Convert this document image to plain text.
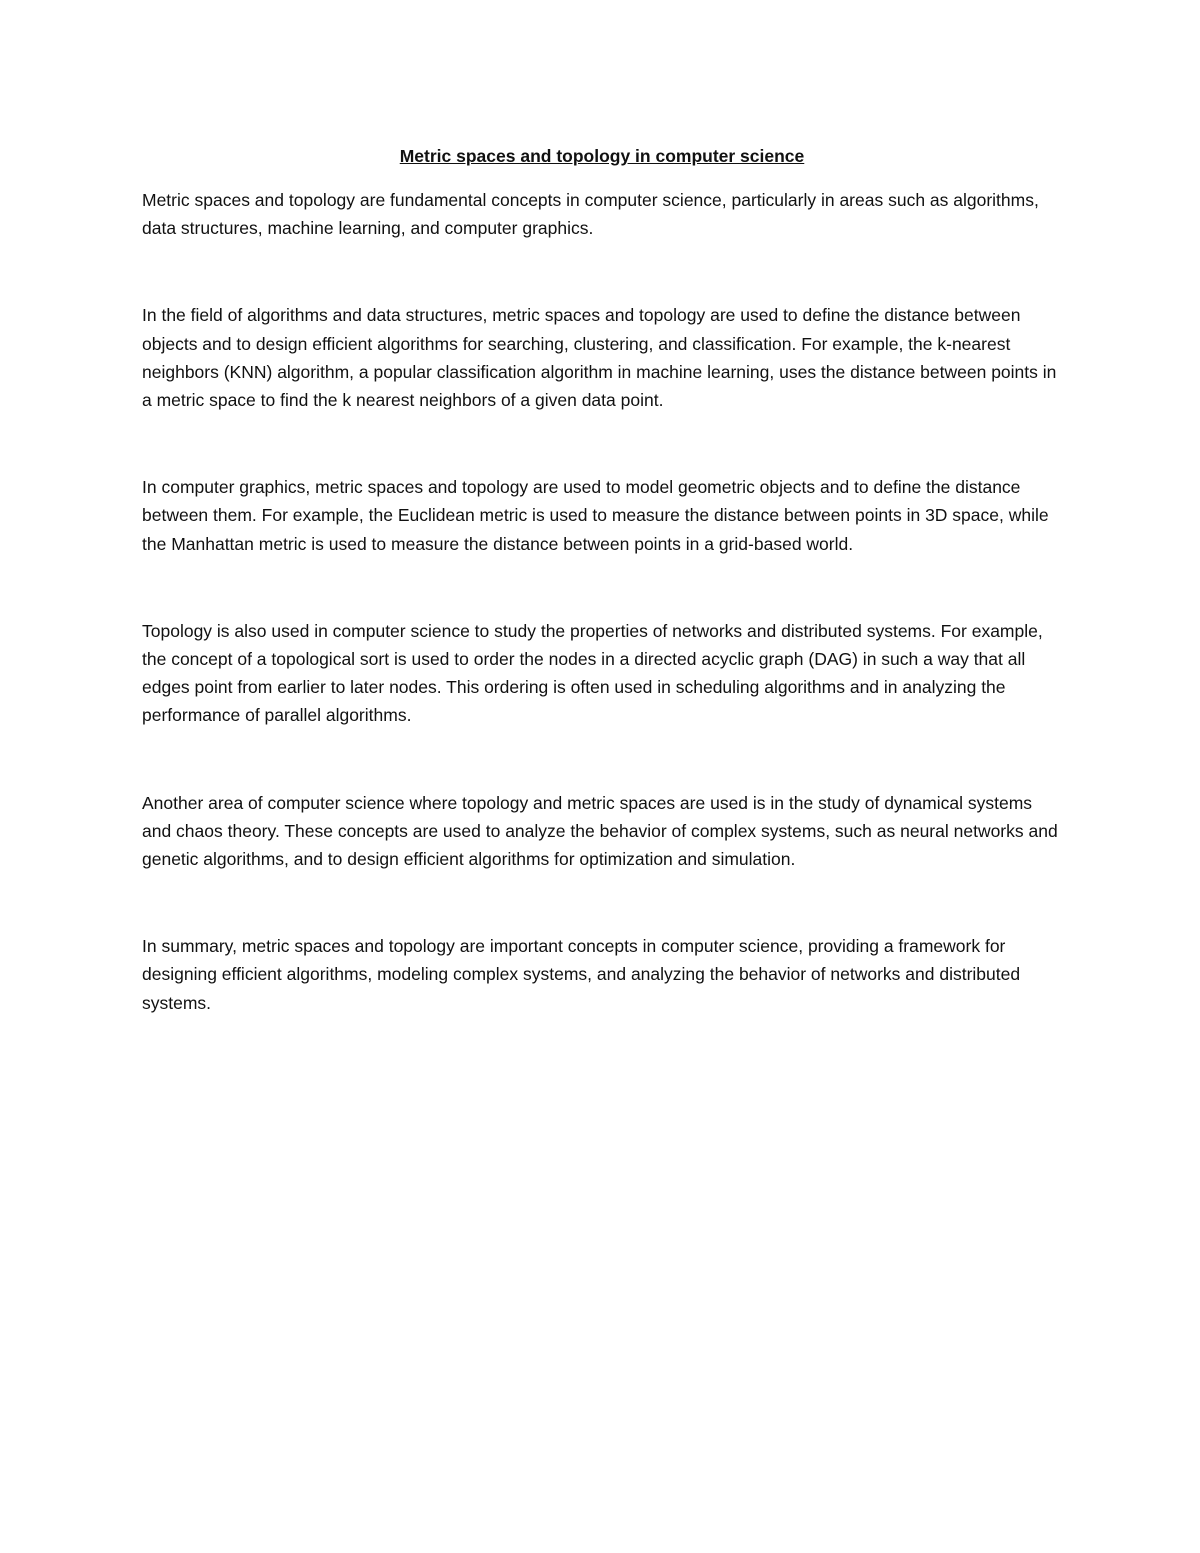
Metric spaces and topology in computer science

Metric spaces and topology are fundamental concepts in computer science, particularly in areas such as algorithms, data structures, machine learning, and computer graphics.

In the field of algorithms and data structures, metric spaces and topology are used to define the distance between objects and to design efficient algorithms for searching, clustering, and classification. For example, the k-nearest neighbors (KNN) algorithm, a popular classification algorithm in machine learning, uses the distance between points in a metric space to find the k nearest neighbors of a given data point.

In computer graphics, metric spaces and topology are used to model geometric objects and to define the distance between them. For example, the Euclidean metric is used to measure the distance between points in 3D space, while the Manhattan metric is used to measure the distance between points in a grid-based world.

Topology is also used in computer science to study the properties of networks and distributed systems. For example, the concept of a topological sort is used to order the nodes in a directed acyclic graph (DAG) in such a way that all edges point from earlier to later nodes. This ordering is often used in scheduling algorithms and in analyzing the performance of parallel algorithms.

Another area of computer science where topology and metric spaces are used is in the study of dynamical systems and chaos theory. These concepts are used to analyze the behavior of complex systems, such as neural networks and genetic algorithms, and to design efficient algorithms for optimization and simulation.

In summary, metric spaces and topology are important concepts in computer science, providing a framework for designing efficient algorithms, modeling complex systems, and analyzing the behavior of networks and distributed systems.
